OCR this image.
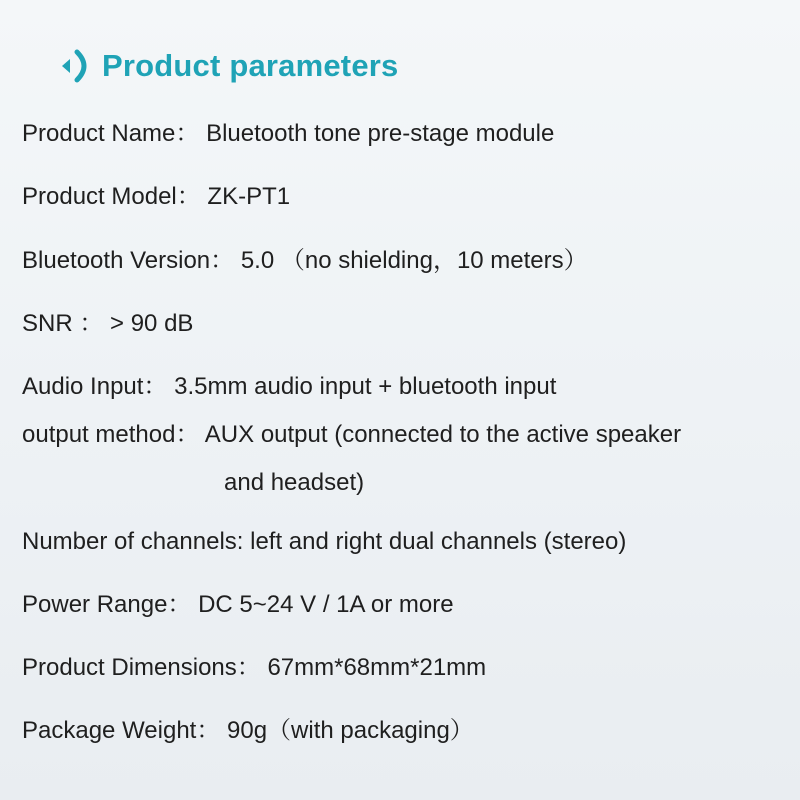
Product parameters
Product Name： Bluetooth tone pre-stage module
Product Model： ZK-PT1
Bluetooth Version： 5.0 （no shielding，10 meters）
SNR ： > 90 dB
Audio Input： 3.5mm audio input + bluetooth input
output method： AUX output (connected to the active speaker
and headset)
Number of channels: left and right dual channels (stereo)
Power Range： DC 5~24 V / 1A or more
Product Dimensions： 67mm*68mm*21mm
Package Weight： 90g（with packaging）
